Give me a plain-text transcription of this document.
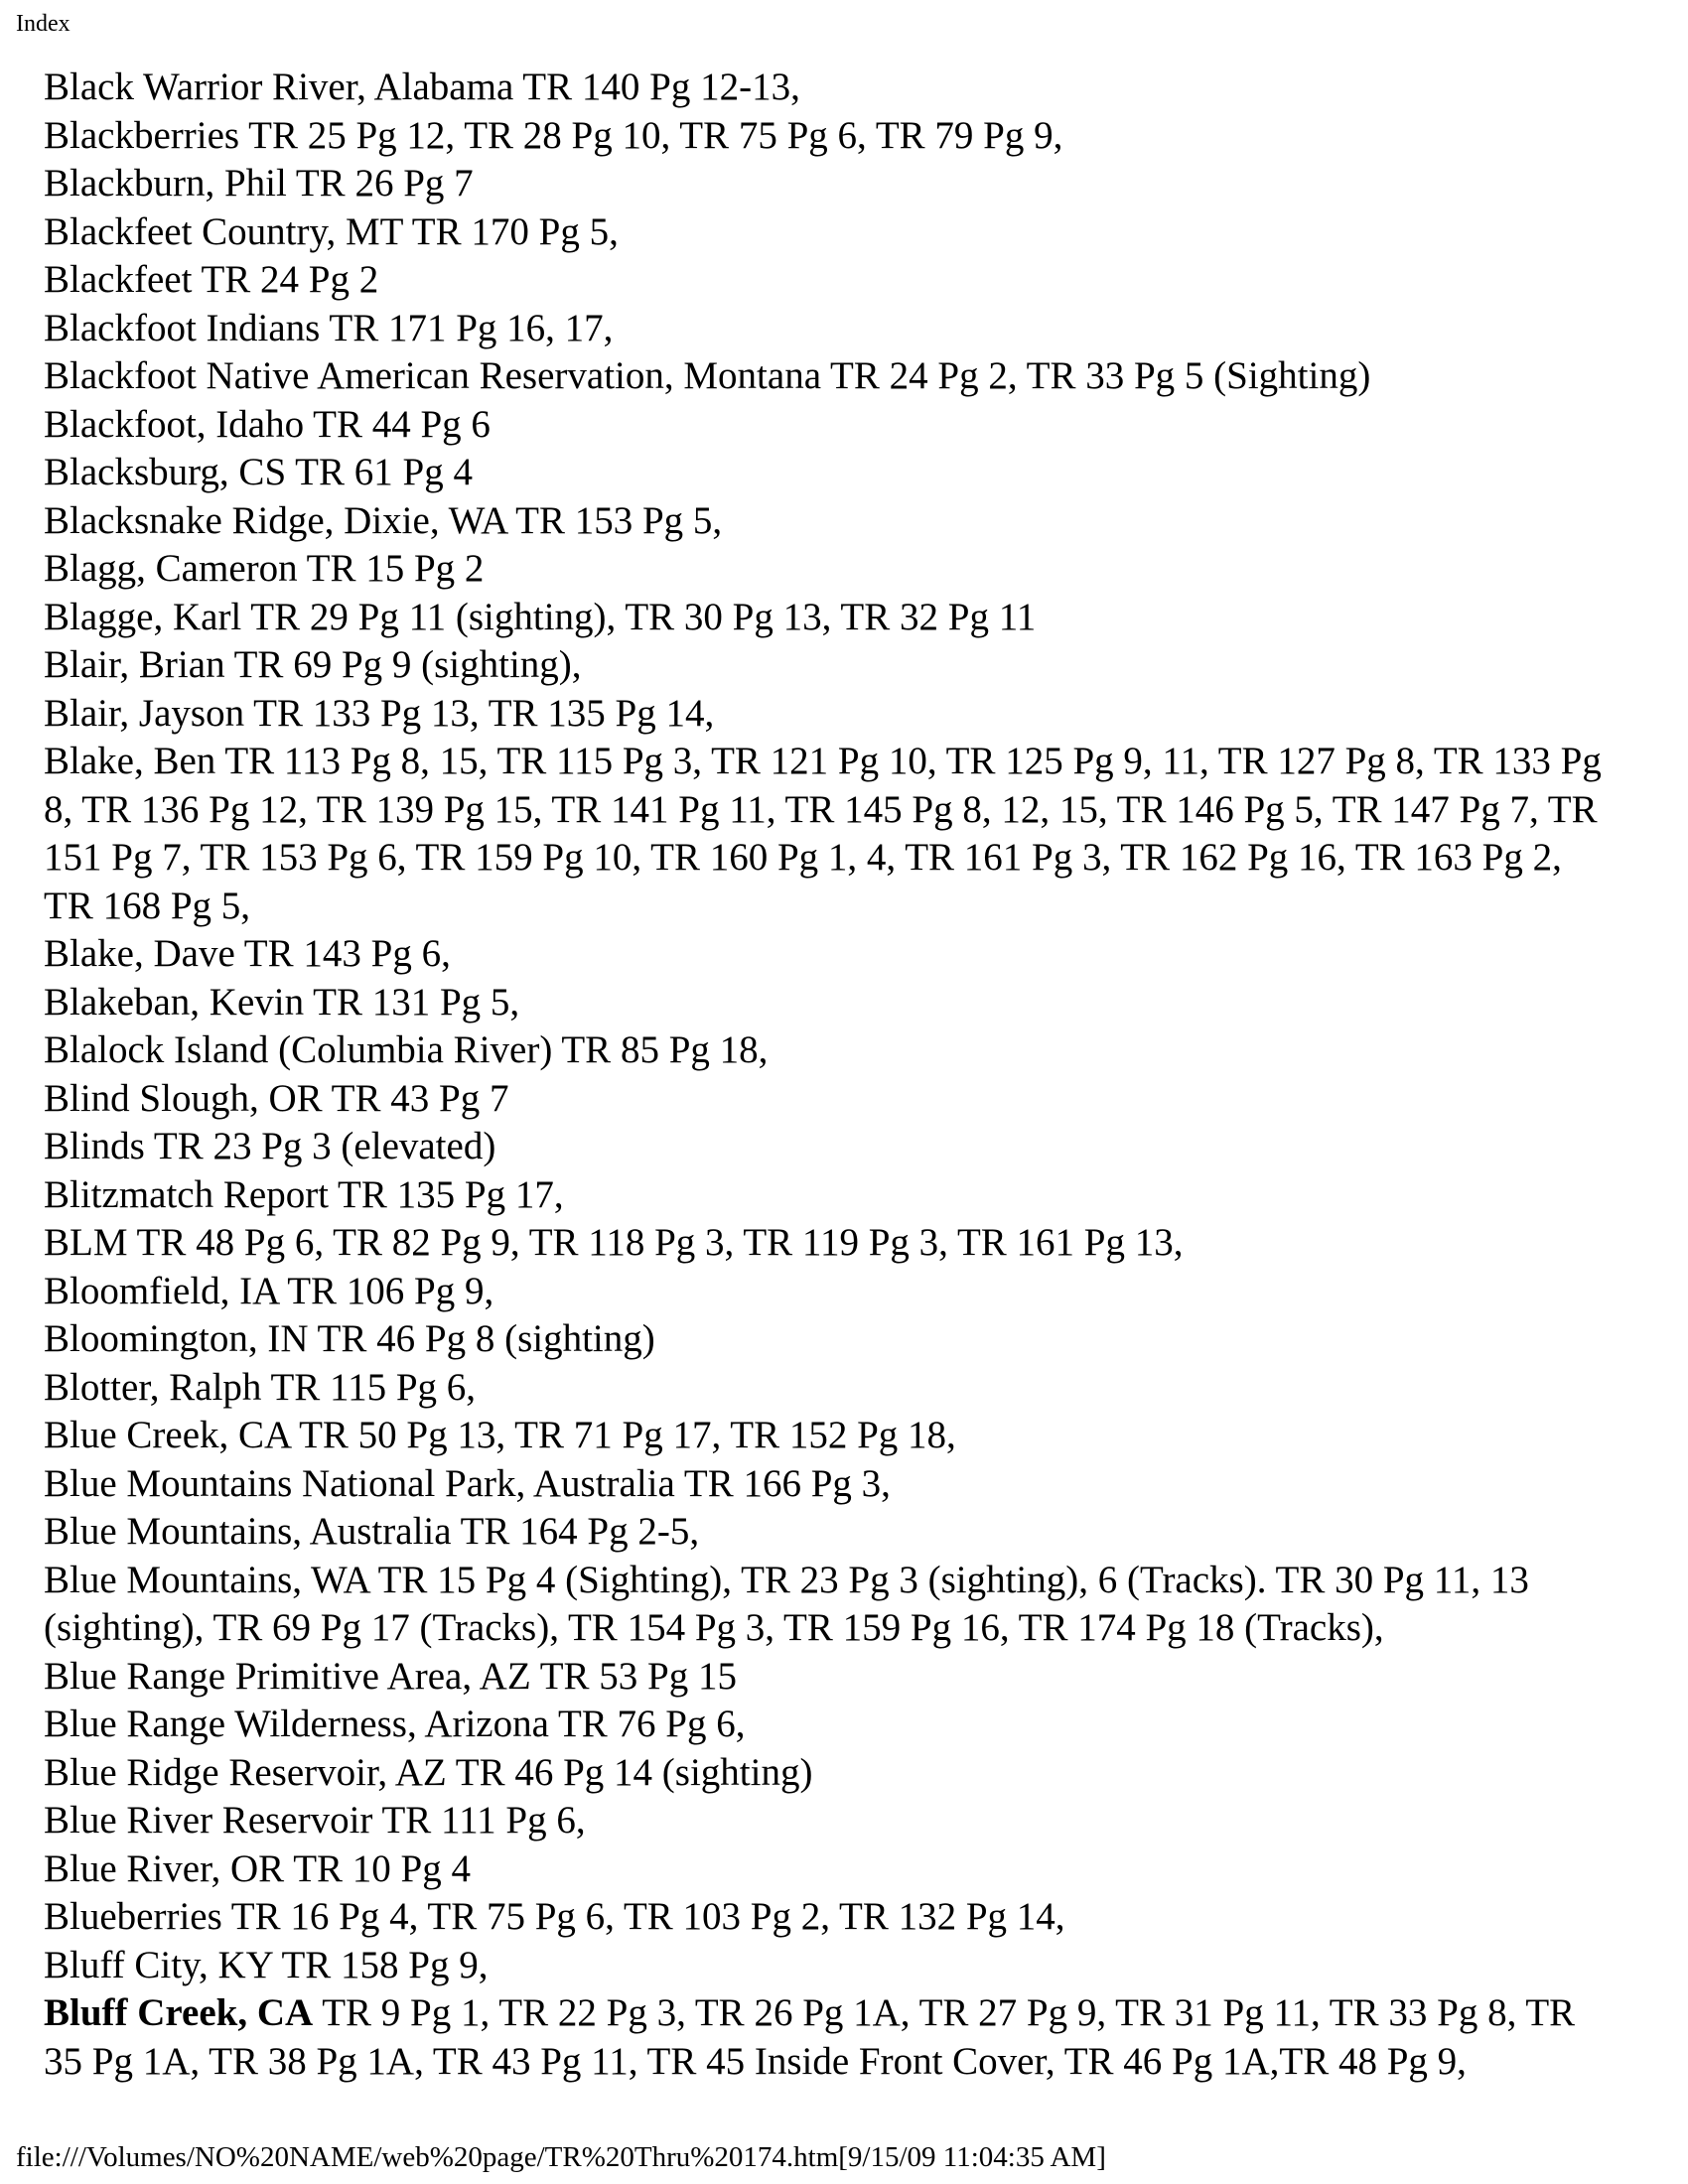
Index

Black Warrior River, Alabama TR 140 Pg 12-13,

Blackberries TR 25 Pg 12, TR 28 Pg 10, TR 75 Pg 6, TR 79 Pg 9,

Blackburn, Phil TR 26 Pg 7

Blackfeet Country, MT TR 170 Pg 5,

Blackfeet TR 24 Pg 2

Blackfoot Indians TR 171 Pg 16, 17,

Blackfoot Native American Reservation, Montana TR 24 Pg 2, TR 33 Pg 5 (Sighting)

Blackfoot, Idaho TR 44 Pg 6

Blacksburg, CS TR 61 Pg 4

Blacksnake Ridge, Dixie, WA TR 153 Pg 5,

Blagg, Cameron TR 15 Pg 2

Blagge, Karl TR 29 Pg 11 (sighting), TR 30 Pg 13, TR 32 Pg 11

Blair, Brian TR 69 Pg 9 (sighting),

Blair, Jayson TR 133 Pg 13, TR 135 Pg 14,

Blake, Ben TR 113 Pg 8, 15, TR 115 Pg 3, TR 121 Pg 10, TR 125 Pg 9, 11, TR 127 Pg 8, TR 133 Pg 8, TR 136 Pg 12, TR 139 Pg 15, TR 141 Pg 11, TR 145 Pg 8, 12, 15, TR 146 Pg 5, TR 147 Pg 7, TR 151 Pg 7, TR 153 Pg 6, TR 159 Pg 10, TR 160 Pg 1, 4, TR 161 Pg 3, TR 162 Pg 16, TR 163 Pg 2, TR 168 Pg 5,

Blake, Dave TR 143 Pg 6,

Blakeban, Kevin TR 131 Pg 5,

Blalock Island (Columbia River) TR 85 Pg 18,

Blind Slough, OR TR 43 Pg 7

Blinds TR 23 Pg 3 (elevated)

Blitzmatch Report TR 135 Pg 17,

BLM TR 48 Pg 6, TR 82 Pg 9, TR 118 Pg 3, TR 119 Pg 3, TR 161 Pg 13,

Bloomfield, IA TR 106 Pg 9,

Bloomington, IN TR 46 Pg 8 (sighting)

Blotter, Ralph TR 115 Pg 6,

Blue Creek, CA TR 50 Pg 13, TR 71 Pg 17, TR 152 Pg 18,

Blue Mountains National Park, Australia TR 166 Pg 3,

Blue Mountains, Australia TR 164 Pg 2-5,

Blue Mountains, WA TR 15 Pg 4 (Sighting), TR 23 Pg 3 (sighting), 6 (Tracks). TR 30 Pg 11, 13 (sighting), TR 69 Pg 17 (Tracks), TR 154 Pg 3, TR 159 Pg 16, TR 174 Pg 18 (Tracks),

Blue Range Primitive Area, AZ TR 53 Pg 15

Blue Range Wilderness, Arizona TR 76 Pg 6,

Blue Ridge Reservoir, AZ TR 46 Pg 14 (sighting)

Blue River Reservoir TR 111 Pg 6,

Blue River, OR TR 10 Pg 4

Blueberries TR 16 Pg 4, TR 75 Pg 6, TR 103 Pg 2, TR 132 Pg 14,

Bluff City, KY TR 158 Pg 9,

Bluff Creek, CA TR 9 Pg 1, TR 22 Pg 3, TR 26 Pg 1A, TR 27 Pg 9, TR 31 Pg 11, TR 33 Pg 8, TR 35 Pg 1A, TR 38 Pg 1A, TR 43 Pg 11, TR 45 Inside Front Cover, TR 46 Pg 1A,TR 48 Pg 9,

file:///Volumes/NO%20NAME/web%20page/TR%20Thru%20174.htm[9/15/09 11:04:35 AM]
